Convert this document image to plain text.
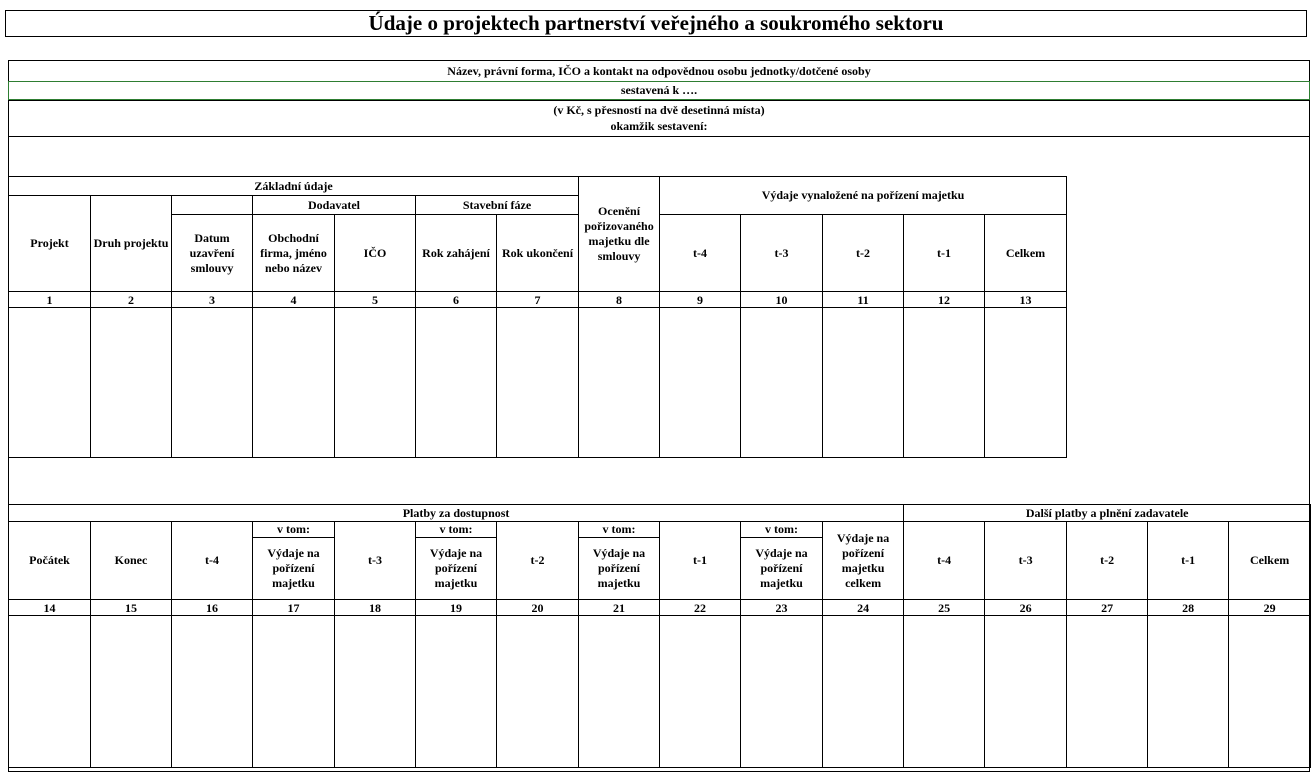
Údaje o projektech partnerství veřejného a soukromého sektoru
Název, právní forma, IČO a kontakt na odpovědnou osobu jednotky/dotčené osoby
sestavená k ….
(v Kč, s přesností na dvě desetinná místa)
okamžik sestavení:
Základní údaje							Ocenění pořizovaného majetku dle smlouvy	Výdaje vynaložené na pořízení majetku				
Projekt	Druh projektu		Dodavatel		Stavební fáze							
		Datum uzavření smlouvy	Obchodní firma, jméno nebo název	IČO	Rok zahájení	Rok ukončení		t-4	t-3	t-2	t-1	Celkem
1	2	3	4	5	6	7	8	9	10	11	12	13

Platby za dostupnost											Další platby a plnění zadavatele				
Počátek	Konec	t-4	v tom:	t-3	v tom:	t-2	v tom:	t-1	v tom:	Výdaje na pořízení majetku celkem	t-4	t-3	t-2	t-1	Celkem
			Výdaje na pořízení majetku		Výdaje na pořízení majetku		Výdaje na pořízení majetku		Výdaje na pořízení majetku						
14	15	16	17	18	19	20	21	22	23	24	25	26	27	28	29
